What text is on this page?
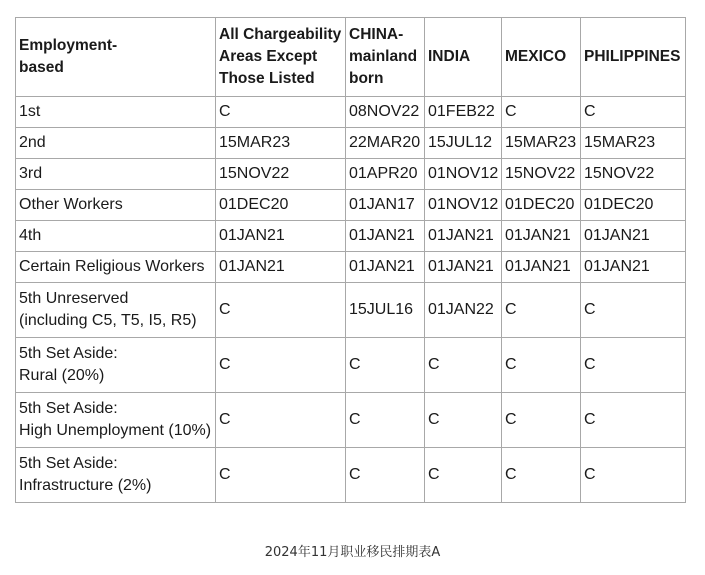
Employment-
based	All Chargeability
Areas Except
Those Listed	CHINA-
mainland
born	INDIA	MEXICO	PHILIPPINES
1st	C	08NOV22	01FEB22	C	C
2nd	15MAR23	22MAR20	15JUL12	15MAR23	15MAR23
3rd	15NOV22	01APR20	01NOV12	15NOV22	15NOV22
Other Workers	01DEC20	01JAN17	01NOV12	01DEC20	01DEC20
4th	01JAN21	01JAN21	01JAN21	01JAN21	01JAN21
Certain Religious Workers	01JAN21	01JAN21	01JAN21	01JAN21	01JAN21
5th Unreserved
(including C5, T5, I5, R5)	C	15JUL16	01JAN22	C	C
5th Set Aside:
Rural (20%)	C	C	C	C	C
5th Set Aside:
High Unemployment (10%)	C	C	C	C	C
5th Set Aside:
Infrastructure (2%)	C	C	C	C	C
2024年11月职业移民排期表A
